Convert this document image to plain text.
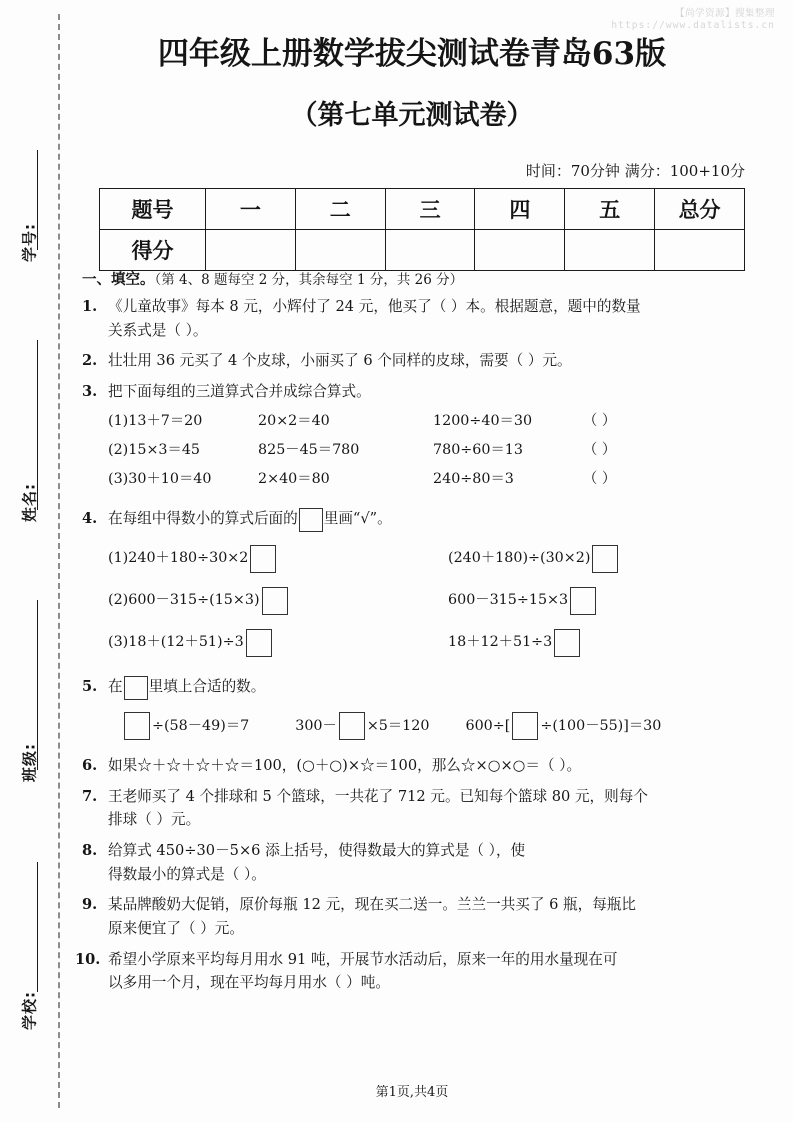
【尚学资源】搜集整理
https://www.datalists.cn
学号:
姓名:
班级:
学校:
四年级上册数学拔尖测试卷青岛63版
（第七单元测试卷）
时间：70分钟 满分：100+10分
题号	一	二	三	四	五	总分
得分						
一、填空。（第 4、8 题每空 2 分，其余每空 1 分，共 26 分）
1. 《儿童故事》每本 8 元，小辉付了 24 元，他买了（ ）本。根据题意，题中的数量
关系式是（ ）。
2. 壮壮用 36 元买了 4 个皮球，小丽买了 6 个同样的皮球，需要（ ）元。
3. 把下面每组的三道算式合并成综合算式。
(1)13＋7＝20	20×2＝40	1200÷40＝30	（ ）
(2)15×3＝45	825－45＝780	780÷60＝13	（ ）
(3)30＋10＝40	2×40＝80	240÷80＝3	（ ）
4. 在每组中得数小的算式后面的 里画“√”。
(1) 240＋180÷30×2	(240＋180)÷(30×2)
(2) 600－315÷(15×3)	600－315÷15×3
(3) 18＋(12＋51)÷3	18＋12＋51÷3
5. 在 里填上合适的数。
÷(58－49)＝7	300－ ×5＝120	600÷[ ÷(100－55)]＝30
6. 如果☆＋☆＋☆＋☆＝100，(○＋○)×☆＝100，那么☆×○×○＝（ ）。
7. 王老师买了 4 个排球和 5 个篮球，一共花了 712 元。已知每个篮球 80 元，则每个
排球（ ）元。
8. 给算式 450÷30－5×6 添上括号，使得数最大的算式是（ ），使
得数最小的算式是（ ）。
9. 某品牌酸奶大促销，原价每瓶 12 元，现在买二送一。兰兰一共买了 6 瓶，每瓶比
原来便宜了（ ）元。
10. 希望小学原来平均每月用水 91 吨，开展节水活动后，原来一年的用水量现在可
以多用一个月，现在平均每月用水（ ）吨。
第1页,共4页
